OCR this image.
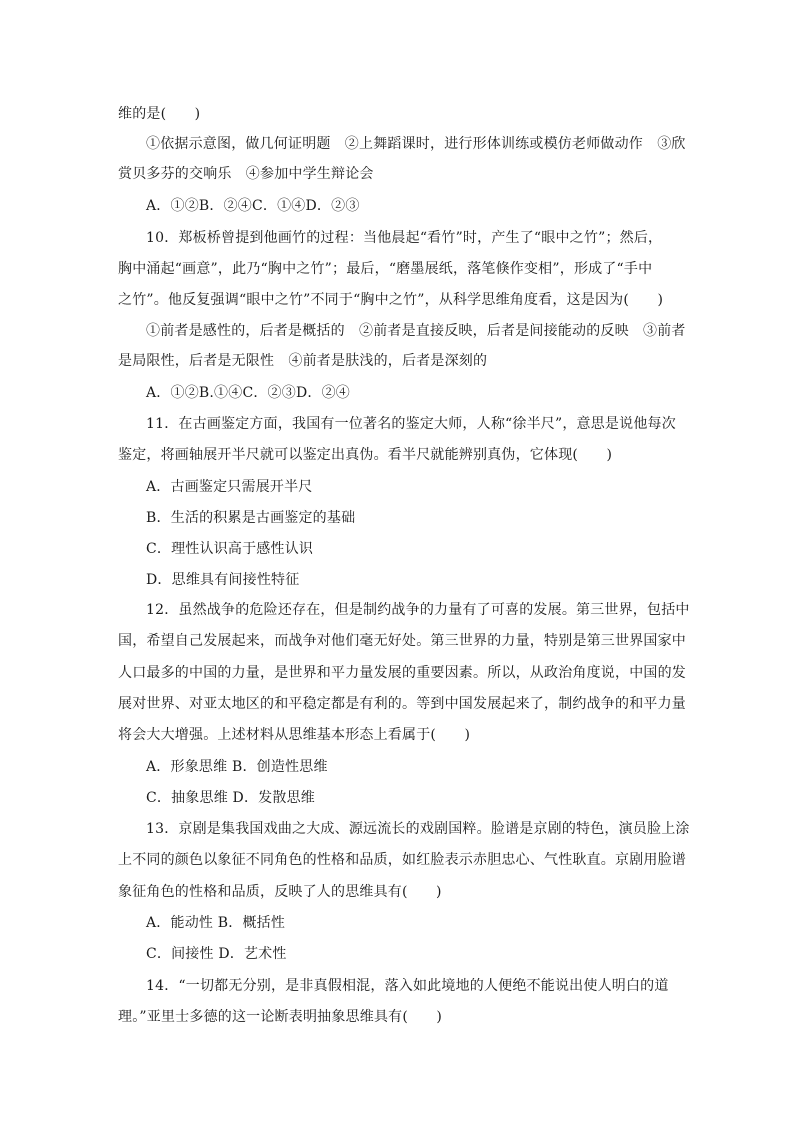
维的是(　　)
①依据示意图，做几何证明题　②上舞蹈课时，进行形体训练或模仿老师做动作　③欣
赏贝多芬的交响乐　④参加中学生辩论会
A．①②B．②④C．①④D．②③
10．郑板桥曾提到他画竹的过程：当他晨起“看竹”时，产生了“眼中之竹”；然后，
胸中涌起“画意”，此乃“胸中之竹”；最后，“磨墨展纸，落笔倏作变相”，形成了“手中
之竹”。他反复强调“眼中之竹”不同于“胸中之竹”，从科学思维角度看，这是因为(　　)
①前者是感性的，后者是概括的　②前者是直接反映，后者是间接能动的反映　③前者
是局限性，后者是无限性　④前者是肤浅的，后者是深刻的
A．①②B.①④C．②③D．②④
11．在古画鉴定方面，我国有一位著名的鉴定大师，人称“徐半尺”，意思是说他每次
鉴定，将画轴展开半尺就可以鉴定出真伪。看半尺就能辨别真伪，它体现(　　)
A．古画鉴定只需展开半尺
B．生活的积累是古画鉴定的基础
C．理性认识高于感性认识
D．思维具有间接性特征
12．虽然战争的危险还存在，但是制约战争的力量有了可喜的发展。第三世界，包括中
国，希望自己发展起来，而战争对他们毫无好处。第三世界的力量，特别是第三世界国家中
人口最多的中国的力量，是世界和平力量发展的重要因素。所以，从政治角度说，中国的发
展对世界、对亚太地区的和平稳定都是有利的。等到中国发展起来了，制约战争的和平力量
将会大大增强。上述材料从思维基本形态上看属于(　　)
A．形象思维 B．创造性思维
C．抽象思维 D．发散思维
13．京剧是集我国戏曲之大成、源远流长的戏剧国粹。脸谱是京剧的特色，演员脸上涂
上不同的颜色以象征不同角色的性格和品质，如红脸表示赤胆忠心、气性耿直。京剧用脸谱
象征角色的性格和品质，反映了人的思维具有(　　)
A．能动性 B．概括性
C．间接性 D．艺术性
14．“一切都无分别，是非真假相混，落入如此境地的人便绝不能说出使人明白的道
理。”亚里士多德的这一论断表明抽象思维具有(　　)
